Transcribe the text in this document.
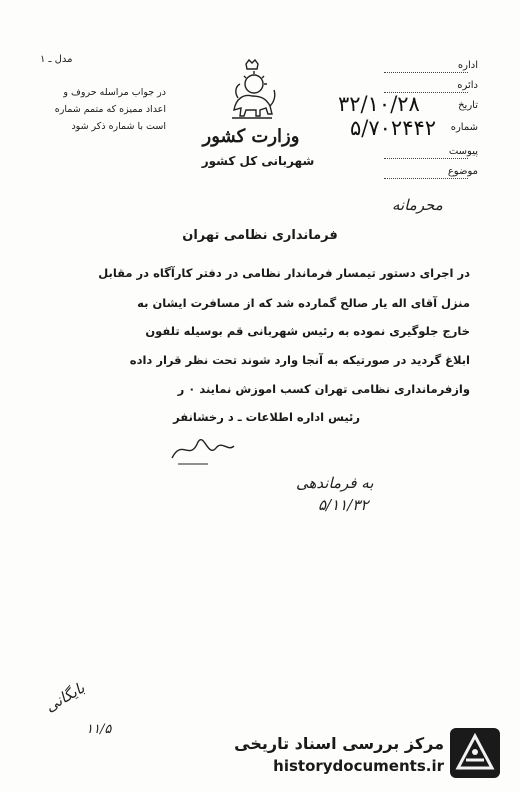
مدل ـ ۱
در جواب مراسله حروف و
اعداد ممیزه که متمم شماره
است با شماره ذکر شود	وزارت کشور
شهربانی کل کشور
اداره
دائره
تاریخ
۳۲/۱۰/۲۸
شماره
۵/۷۰۲۴۴۲
پیوست
موضوع
محرمانه
فرمانداری نظامی تهران
در اجرای دستور تیمسار فرماندار نظامی در دفتر کارآگاه در مقابل
منزل آقای اله یار صالح گمارده شد که از مسافرت ایشان به
خارج جلوگیری نموده به رئیس شهربانی قم بوسیله تلفون
ابلاغ گردید در صورتیکه به آنجا وارد شوند تحت نظر قرار داده
وازفرمانداری نظامی تهران کسب اموزش نمایند ۰ ر
رئیس اداره اطلاعات ـ د رخشانفر
به فرماندهی
۵/۱۱/۳۲
بایگانی
۱۱/۵
مرکز بررسی اسناد تاریخی
historydocuments.ir
